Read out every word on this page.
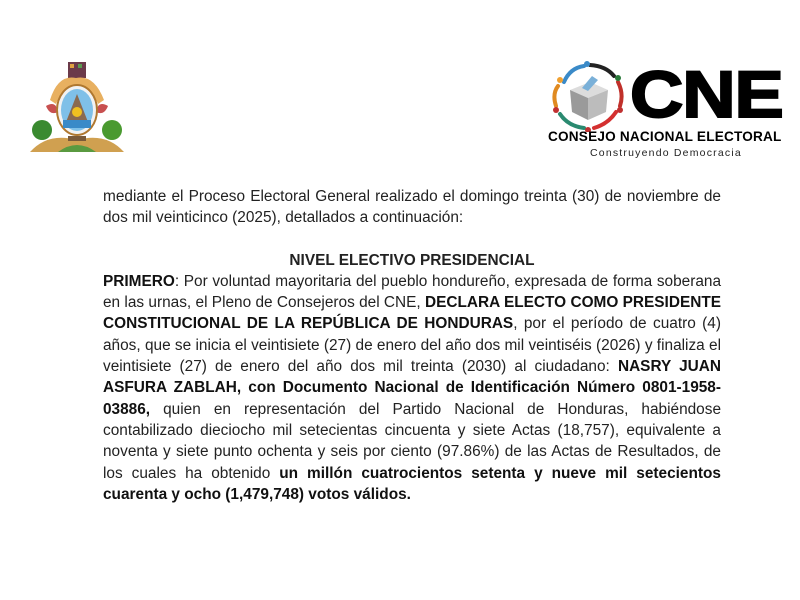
CNE
CONSEJO NACIONAL ELECTORAL
Construyendo Democracia

mediante el Proceso Electoral General realizado el domingo treinta (30) de noviembre de dos mil veinticinco (2025), detallados a continuación:

NIVEL ELECTIVO PRESIDENCIAL

PRIMERO: Por voluntad mayoritaria del pueblo hondureño, expresada de forma soberana en las urnas, el Pleno de Consejeros del CNE, DECLARA ELECTO COMO PRESIDENTE CONSTITUCIONAL DE LA REPÚBLICA DE HONDURAS, por el período de cuatro (4) años, que se inicia el veintisiete (27) de enero del año dos mil veintiséis (2026) y finaliza el veintisiete (27) de enero del año dos mil treinta (2030) al ciudadano: NASRY JUAN ASFURA ZABLAH, con Documento Nacional de Identificación Número 0801-1958-03886, quien en representación del Partido Nacional de Honduras, habiéndose contabilizado dieciocho mil setecientas cincuenta y siete Actas (18,757), equivalente a noventa y siete punto ochenta y seis por ciento (97.86%) de las Actas de Resultados, de los cuales ha obtenido un millón cuatrocientos setenta y nueve mil setecientos cuarenta y ocho (1,479,748) votos válidos.
